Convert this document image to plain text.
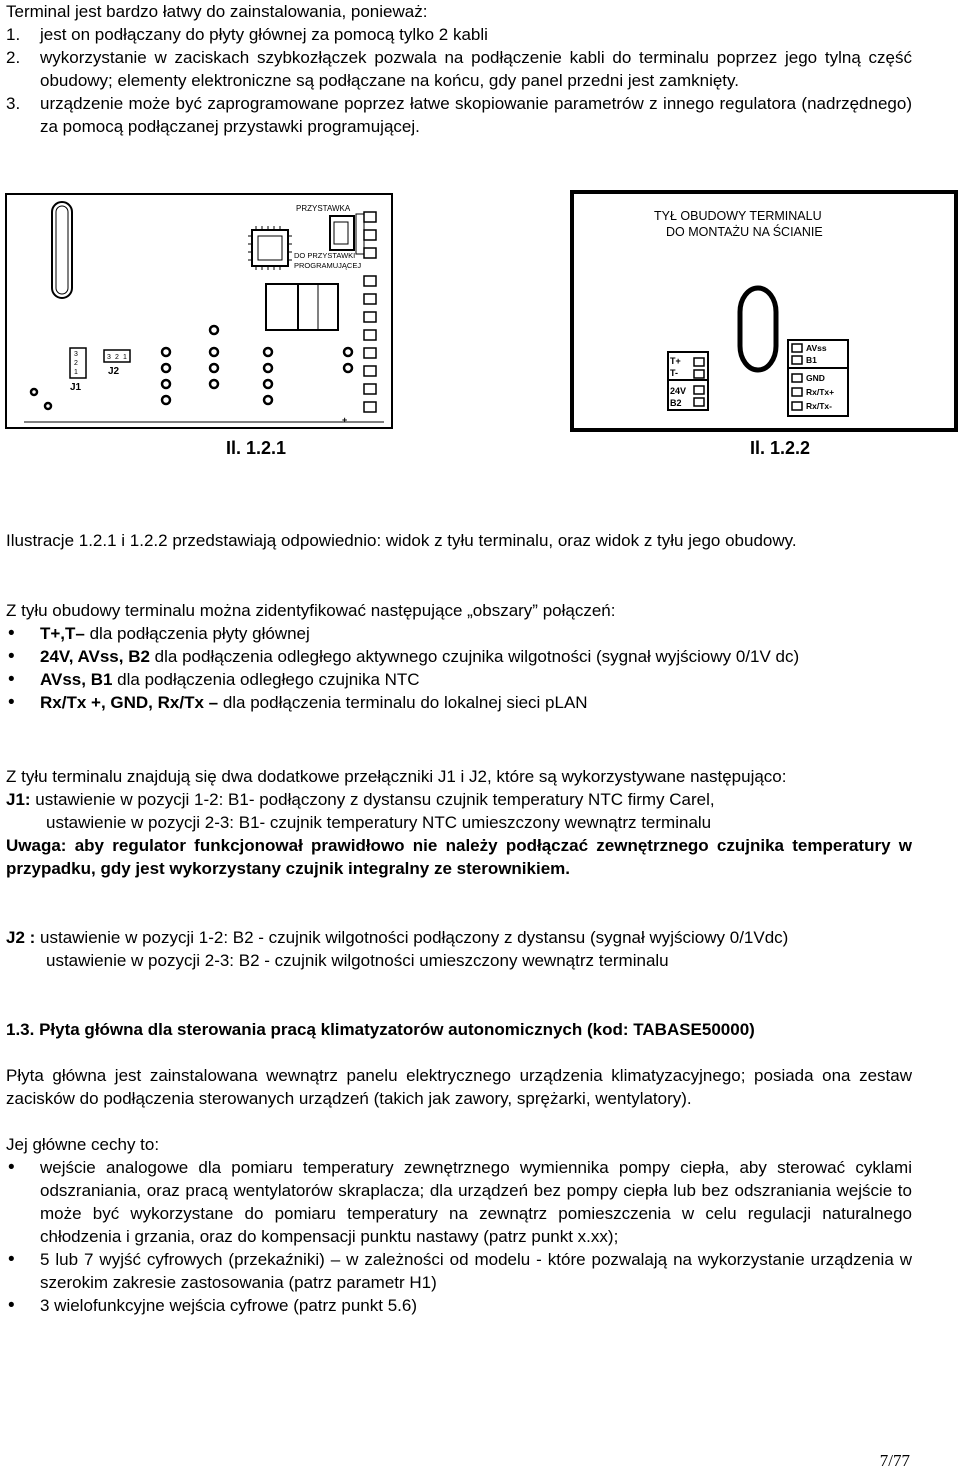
Terminal jest bardzo łatwy do zainstalowania, ponieważ:
1. jest on podłączany do płyty głównej za pomocą tylko 2 kabli
2. wykorzystanie w zaciskach szybkozłączek pozwala na podłączenie kabli do terminalu poprzez jego tylną część obudowy; elementy elektroniczne są podłączane na końcu, gdy panel przedni jest zamknięty.
3. urządzenie może być zaprogramowane poprzez łatwe skopiowanie parametrów z innego regulatora (nadrzędnego) za pomocą podłączanej przystawki programującej.
PRZYSTAWKA
DO PRZYSTAWKI
PROGRAMUJĄCEJ
3
2
1
J1
3 2 1
J2
+
Il. 1.2.1
TYŁ OBUDOWY TERMINALU
DO MONTAŻU NA ŚCIANIE
T+
T-
24V
B2
AVss
B1
GND
Rx/Tx+
Rx/Tx-
Il. 1.2.2
Ilustracje 1.2.1 i 1.2.2 przedstawiają odpowiednio: widok z tyłu terminalu, oraz widok z tyłu jego obudowy.
Z tyłu obudowy terminalu można zidentyfikować następujące „obszary” połączeń:
• T+,T– dla podłączenia płyty głównej
• 24V, AVss, B2 dla podłączenia odległego aktywnego czujnika wilgotności (sygnał wyjściowy 0/1V dc)
• AVss, B1 dla podłączenia odległego czujnika NTC
• Rx/Tx +, GND, Rx/Tx – dla podłączenia terminalu do lokalnej sieci pLAN
Z tyłu terminalu znajdują się dwa dodatkowe przełączniki J1 i J2, które są wykorzystywane następująco:
J1: ustawienie w pozycji 1-2: B1- podłączony z dystansu czujnik temperatury NTC firmy Carel,
ustawienie w pozycji 2-3: B1- czujnik temperatury NTC umieszczony wewnątrz terminalu
Uwaga: aby regulator funkcjonował prawidłowo nie należy podłączać zewnętrznego czujnika temperatury w przypadku, gdy jest wykorzystany czujnik integralny ze sterownikiem.
J2 : ustawienie w pozycji 1-2: B2 - czujnik wilgotności podłączony z dystansu (sygnał wyjściowy 0/1Vdc)
ustawienie w pozycji 2-3: B2 - czujnik wilgotności umieszczony wewnątrz terminalu
1.3. Płyta główna dla sterowania pracą klimatyzatorów autonomicznych (kod: TABASE50000)
Płyta główna jest zainstalowana wewnątrz panelu elektrycznego urządzenia klimatyzacyjnego; posiada ona zestaw zacisków do podłączenia sterowanych urządzeń (takich jak zawory, sprężarki, wentylatory).
Jej główne cechy to:
• wejście analogowe dla pomiaru temperatury zewnętrznego wymiennika pompy ciepła, aby sterować cyklami odszraniania, oraz pracą wentylatorów skraplacza; dla urządzeń bez pompy ciepła lub bez odszraniania wejście to może być wykorzystane do pomiaru temperatury na zewnątrz pomieszczenia w celu regulacji naturalnego chłodzenia i grzania, oraz do kompensacji punktu nastawy (patrz punkt x.xx);
• 5 lub 7 wyjść cyfrowych (przekaźniki) – w zależności od modelu - które pozwalają na wykorzystanie urządzenia w szerokim zakresie zastosowania (patrz parametr H1)
• 3 wielofunkcyjne wejścia cyfrowe (patrz punkt 5.6)
7/77
